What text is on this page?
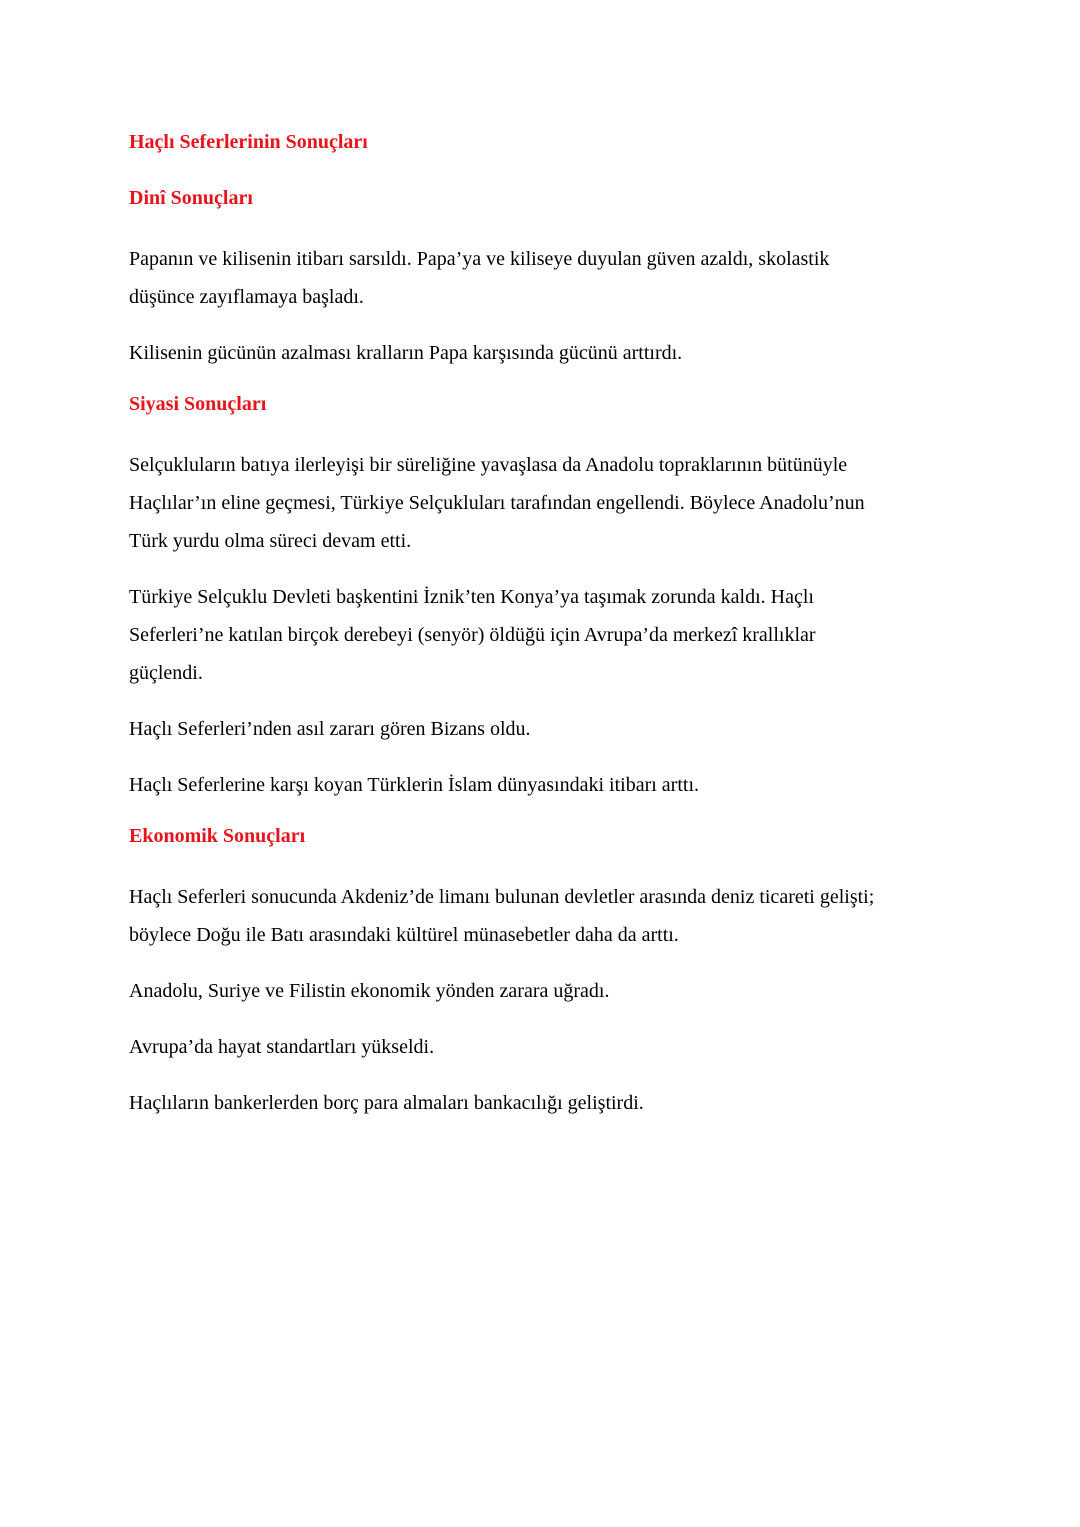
Haçlı Seferlerinin Sonuçları
Dinî Sonuçları
Papanın ve kilisenin itibarı sarsıldı. Papa’ya ve kiliseye duyulan güven azaldı, skolastik
düşünce zayıflamaya başladı.
Kilisenin gücünün azalması kralların Papa karşısında gücünü arttırdı.
Siyasi Sonuçları
Selçukluların batıya ilerleyişi bir süreliğine yavaşlasa da Anadolu topraklarının bütünüyle
Haçlılar’ın eline geçmesi, Türkiye Selçukluları tarafından engellendi. Böylece Anadolu’nun
Türk yurdu olma süreci devam etti.
Türkiye Selçuklu Devleti başkentini İznik’ten Konya’ya taşımak zorunda kaldı. Haçlı
Seferleri’ne katılan birçok derebeyi (senyör) öldüğü için Avrupa’da merkezî krallıklar
güçlendi.
Haçlı Seferleri’nden asıl zararı gören Bizans oldu.
Haçlı Seferlerine karşı koyan Türklerin İslam dünyasındaki itibarı arttı.
Ekonomik Sonuçları
Haçlı Seferleri sonucunda Akdeniz’de limanı bulunan devletler arasında deniz ticareti gelişti;
böylece Doğu ile Batı arasındaki kültürel münasebetler daha da arttı.
Anadolu, Suriye ve Filistin ekonomik yönden zarara uğradı.
Avrupa’da hayat standartları yükseldi.
Haçlıların bankerlerden borç para almaları bankacılığı geliştirdi.
